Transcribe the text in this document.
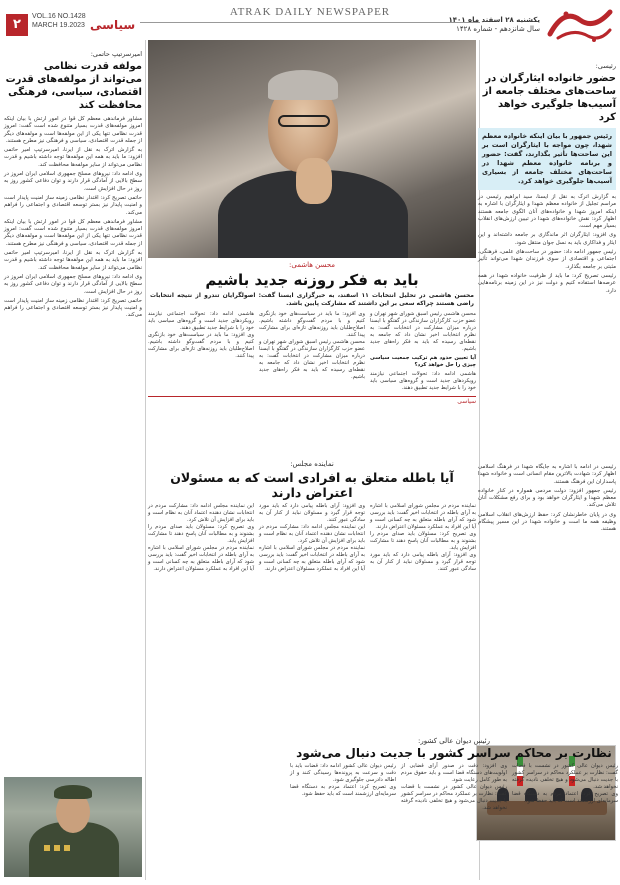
۲
VOL.16 NO.1428
MARCH 19.2023 سیاسی
ATRAK DAILY NEWSPAPER
یکشنبه ۲۸ اسفند ماه ۱۴۰۱
سال شانزدهم - شماره ۱۴۲۸
رئیسی:
حضور خانواده ایثارگران در ساحت‌های مختلف جامعه از آسیب‌ها جلوگیری خواهد کرد
رئیس جمهور با بیان اینکه خانواده معظم شهدا، چون مواجه با ایثارگران است بر این ساحت‌ها تأثیر بگذارند، گفت: حضور و برنامه خانواده معظم شهدا در ساحت‌های مختلف جامعه از بسیاری آسیب‌ها جلوگیری خواهد کرد.

به گزارش اترک به نقل از ایسنا، سید ابراهیم رئیسی در مراسم تجلیل از خانواده معظم شهدا و ایثارگران با اشاره به اینکه امروز شهدا و خانواده‌های آنان الگوی جامعه هستند اظهار کرد: نقش خانواده‌های شهدا در تبیین ارزش‌های انقلاب بسیار مهم است.

وی افزود: ایثارگران اثر ماندگاری بر جامعه داشته‌اند و این ایثار و فداکاری باید به نسل جوان منتقل شود.

رئیس جمهور ادامه داد: حضور در ساحت‌های علمی، فرهنگی، اجتماعی و اقتصادی از سوی فرزندان شهدا می‌تواند تأثیر مثبتی بر جامعه بگذارد.

رئیسی تصریح کرد: ما باید از ظرفیت خانواده شهدا در همه عرصه‌ها استفاده کنیم و دولت نیز در این زمینه برنامه‌هایی دارد.

رئیسی در ادامه با اشاره به جایگاه شهدا در فرهنگ اسلامی اظهار کرد: شهادت بالاترین مقام انسانی است و خانواده شهدا پاسداران این فرهنگ هستند.

رئیس جمهور افزود: دولت مردمی همواره در کنار خانواده معظم شهدا و ایثارگران خواهد بود و برای رفع مشکلات آنان تلاش می‌کند.

وی در پایان خاطرنشان کرد: حفظ ارزش‌های انقلاب اسلامی وظیفه همه ما است و خانواده شهدا در این مسیر پیشگام هستند.

امیرسرتیپ حاتمی:
مولفه قدرت نظامی می‌تواند از مولفه‌های قدرت اقتصادی، سیاسی، فرهنگی محافظت کند

مشاور فرماندهی معظم کل قوا در امور ارتش با بیان اینکه امروز مولفه‌های قدرت بسیار متنوع شده است گفت: امروز قدرت نظامی تنها یکی از این مولفه‌ها است و مولفه‌های دیگر از جمله قدرت اقتصادی، سیاسی و فرهنگی نیز مطرح هستند.

به گزارش اترک به نقل از ایرنا، امیرسرتیپ امیر حاتمی افزود: ما باید به همه این مولفه‌ها توجه داشته باشیم و قدرت نظامی می‌تواند از سایر مولفه‌ها محافظت کند.

وی ادامه داد: نیروهای مسلح جمهوری اسلامی ایران امروز در سطح بالایی از آمادگی قرار دارند و توان دفاعی کشور روز به روز در حال افزایش است.

حاتمی تصریح کرد: اقتدار نظامی زمینه ساز امنیت پایدار است و امنیت پایدار نیز بستر توسعه اقتصادی و اجتماعی را فراهم می‌کند.

مشاور فرماندهی معظم کل قوا در امور ارتش با بیان اینکه امروز مولفه‌های قدرت بسیار متنوع شده است گفت: امروز قدرت نظامی تنها یکی از این مولفه‌ها است و مولفه‌های دیگر از جمله قدرت اقتصادی، سیاسی و فرهنگی نیز مطرح هستند.

به گزارش اترک به نقل از ایرنا، امیرسرتیپ امیر حاتمی افزود: ما باید به همه این مولفه‌ها توجه داشته باشیم و قدرت نظامی می‌تواند از سایر مولفه‌ها محافظت کند.

وی ادامه داد: نیروهای مسلح جمهوری اسلامی ایران امروز در سطح بالایی از آمادگی قرار دارند و توان دفاعی کشور روز به روز در حال افزایش است.

حاتمی تصریح کرد: اقتدار نظامی زمینه ساز امنیت پایدار است و امنیت پایدار نیز بستر توسعه اقتصادی و اجتماعی را فراهم می‌کند.

محسن هاشمی:
باید به فکر روزنه جدید باشیم
محسن هاشمی در تحلیل انتخابات ۱۱ اسفند، به خبرگزاری ایسنا گفت: اصولگرایان تندرو از نتیجه انتخابات راضی هستند چراکه سعی بر این داشتند که مشارکت پایین باشد.

محسن هاشمی رئیس اسبق شورای شهر تهران و عضو حزب کارگزاران سازندگی در گفتگو با ایسنا درباره میزان مشارکت در انتخابات گفت: به نظرم انتخابات اخیر نشان داد که جامعه به نقطه‌ای رسیده که باید به فکر راه‌های جدید باشیم.

آیا تعیین حدود هم ترکیب جمعیت سیاسی چیزی را حل خواهد کرد؟

هاشمی ادامه داد: تحولات اجتماعی نیازمند رویکردهای جدید است و گروه‌های سیاسی باید خود را با شرایط جدید تطبیق دهند.

وی افزود: ما باید در سیاست‌های خود بازنگری کنیم و با مردم گفت‌وگو داشته باشیم. اصلاح‌طلبان باید روزنه‌های تازه‌ای برای مشارکت پیدا کنند.

محسن هاشمی رئیس اسبق شورای شهر تهران و عضو حزب کارگزاران سازندگی در گفتگو با ایسنا درباره میزان مشارکت در انتخابات گفت: به نظرم انتخابات اخیر نشان داد که جامعه به نقطه‌ای رسیده که باید به فکر راه‌های جدید باشیم.

هاشمی ادامه داد: تحولات اجتماعی نیازمند رویکردهای جدید است و گروه‌های سیاسی باید خود را با شرایط جدید تطبیق دهند.

وی افزود: ما باید در سیاست‌های خود بازنگری کنیم و با مردم گفت‌وگو داشته باشیم. اصلاح‌طلبان باید روزنه‌های تازه‌ای برای مشارکت پیدا کنند.

سیاسی
نماینده مجلس:
آیا باطله متعلق به افرادی است که به مسئولان اعتراض دارند

نماینده مردم در مجلس شورای اسلامی با اشاره به آرای باطله در انتخابات اخیر گفت: باید بررسی شود که آرای باطله متعلق به چه کسانی است و آیا این افراد به عملکرد مسئولان اعتراض دارند.

وی تصریح کرد: مسئولان باید صدای مردم را بشنوند و به مطالبات آنان پاسخ دهند تا مشارکت افزایش یابد.

وی افزود: آرای باطله پیامی دارد که باید مورد توجه قرار گیرد و مسئولان نباید از کنار آن به سادگی عبور کنند.

وی افزود: آرای باطله پیامی دارد که باید مورد توجه قرار گیرد و مسئولان نباید از کنار آن به سادگی عبور کنند.

این نماینده مجلس ادامه داد: مشارکت مردم در انتخابات نشان دهنده اعتماد آنان به نظام است و باید برای افزایش آن تلاش کرد.

نماینده مردم در مجلس شورای اسلامی با اشاره به آرای باطله در انتخابات اخیر گفت: باید بررسی شود که آرای باطله متعلق به چه کسانی است و آیا این افراد به عملکرد مسئولان اعتراض دارند.

این نماینده مجلس ادامه داد: مشارکت مردم در انتخابات نشان دهنده اعتماد آنان به نظام است و باید برای افزایش آن تلاش کرد.

وی تصریح کرد: مسئولان باید صدای مردم را بشنوند و به مطالبات آنان پاسخ دهند تا مشارکت افزایش یابد.

نماینده مردم در مجلس شورای اسلامی با اشاره به آرای باطله در انتخابات اخیر گفت: باید بررسی شود که آرای باطله متعلق به چه کسانی است و آیا این افراد به عملکرد مسئولان اعتراض دارند.

رئیس دیوان عالی کشور:
نظارت بر محاکم سراسر کشور با جدیت دنبال می‌شود

رئیس دیوان عالی کشور در نشست با قضات گفت: نظارت بر عملکرد محاکم در سراسر کشور با جدیت دنبال می‌شود و هیچ تخلفی نادیده گرفته نخواهد شد.

وی تصریح کرد: اعتماد مردم به دستگاه قضا سرمایه‌ای ارزشمند است که باید حفظ شود.

وی افزود: دقت در صدور آرای قضایی از اولویت‌های دستگاه قضا است و باید حقوق مردم به طور کامل رعایت شود.

رئیس دیوان عالی کشور در نشست با قضات گفت: نظارت بر عملکرد محاکم در سراسر کشور با جدیت دنبال می‌شود و هیچ تخلفی نادیده گرفته نخواهد شد.

رئیس دیوان عالی کشور ادامه داد: قضات باید با دقت و سرعت به پرونده‌ها رسیدگی کنند و از اطاله دادرسی جلوگیری شود.

وی تصریح کرد: اعتماد مردم به دستگاه قضا سرمایه‌ای ارزشمند است که باید حفظ شود.
